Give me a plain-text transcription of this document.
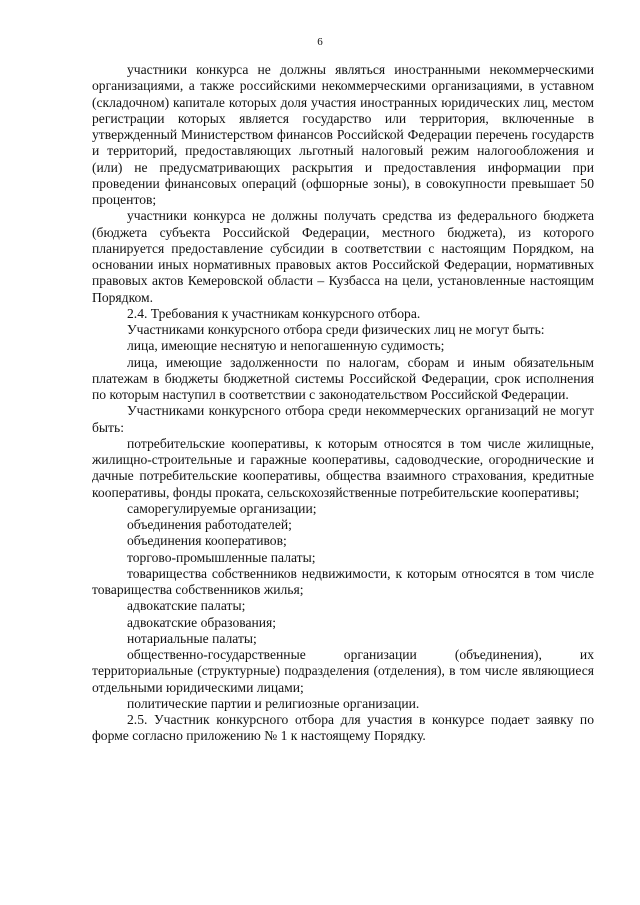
6

участники конкурса не должны являться иностранными некоммерческими организациями, а также российскими некоммерческими организациями, в уставном (складочном) капитале которых доля участия иностранных юридических лиц, местом регистрации которых является государство или территория, включенные в утвержденный Министерством финансов Российской Федерации перечень государств и территорий, предоставляющих льготный налоговый режим налогообложения и (или) не предусматривающих раскрытия и предоставления информации при проведении финансовых операций (офшорные зоны), в совокупности превышает 50 процентов;

участники конкурса не должны получать средства из федерального бюджета (бюджета субъекта Российской Федерации, местного бюджета), из которого планируется предоставление субсидии в соответствии с настоящим Порядком, на основании иных нормативных правовых актов Российской Федерации, нормативных правовых актов Кемеровской области – Кузбасса на цели, установленные настоящим Порядком.

2.4. Требования к участникам конкурсного отбора.

Участниками конкурсного отбора среди физических лиц не могут быть:

лица, имеющие неснятую и непогашенную судимость;

лица, имеющие задолженности по налогам, сборам и иным обязательным платежам в бюджеты бюджетной системы Российской Федерации, срок исполнения по которым наступил в соответствии с законодательством Российской Федерации.

Участниками конкурсного отбора среди некоммерческих организаций не могут быть:

потребительские кооперативы, к которым относятся в том числе жилищные, жилищно-строительные и гаражные кооперативы, садоводческие, огороднические и дачные потребительские кооперативы, общества взаимного страхования, кредитные кооперативы, фонды проката, сельскохозяйственные потребительские кооперативы;

саморегулируемые организации;

объединения работодателей;

объединения кооперативов;

торгово-промышленные палаты;

товарищества собственников недвижимости, к которым относятся в том числе товарищества собственников жилья;

адвокатские палаты;

адвокатские образования;

нотариальные палаты;

общественно-государственные организации (объединения), их территориальные (структурные) подразделения (отделения), в том числе являющиеся отдельными юридическими лицами;

политические партии и религиозные организации.

2.5. Участник конкурсного отбора для участия в конкурсе подает заявку по форме согласно приложению № 1 к настоящему Порядку.
